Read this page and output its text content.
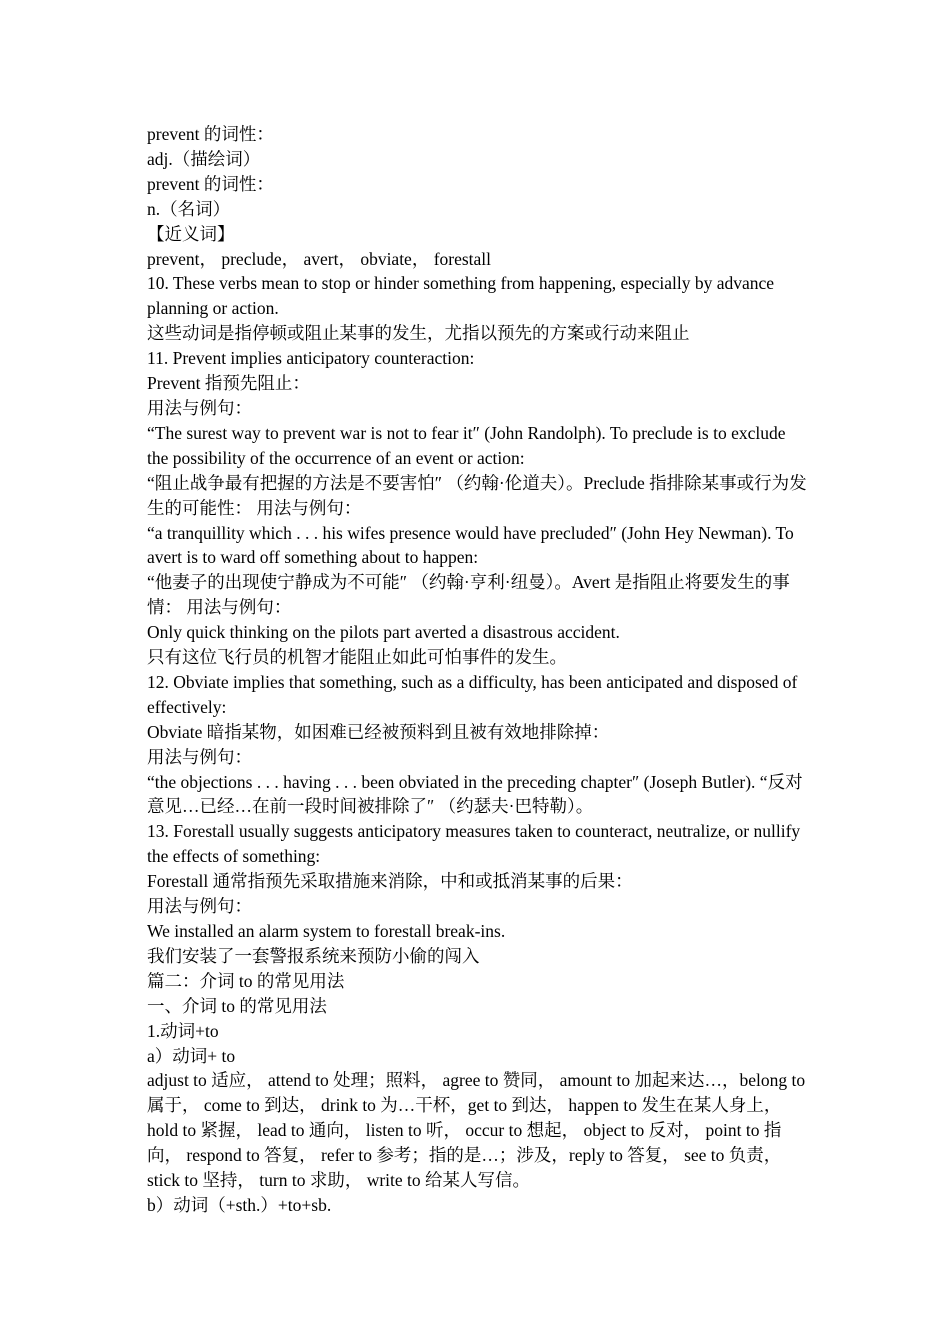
prevent 的词性：

adj.（描绘词）

prevent 的词性：

n.（名词）

【近义词】

prevent， preclude， avert， obviate， forestall

10. These verbs mean to stop or hinder something from happening, especially by advance planning or action.

这些动词是指停顿或阻止某事的发生，尤指以预先的方案或行动来阻止

11. Prevent implies anticipatory counteraction:

Prevent 指预先阻止：

用法与例句：

“The surest way to prevent war is not to fear it″ (John Randolph). To preclude is to exclude the possibility of the occurrence of an event or action:

“阻止战争最有把握的方法是不要害怕″ （约翰·伦道夫）。Preclude 指排除某事或行为发生的可能性： 用法与例句：

“a tranquillity which . . . his wifes presence would have precluded″ (John Hey Newman). To avert is to ward off something about to happen:

“他妻子的出现使宁静成为不可能″ （约翰·亨利·纽曼）。Avert 是指阻止将要发生的事情： 用法与例句：

Only quick thinking on the pilots part averted a disastrous accident.

只有这位飞行员的机智才能阻止如此可怕事件的发生。

12. Obviate implies that something, such as a difficulty, has been anticipated and disposed of effectively:

Obviate 暗指某物，如困难已经被预料到且被有效地排除掉：

用法与例句：

“the objections . . . having . . . been obviated in the preceding chapter″ (Joseph Butler). “反对意见…已经…在前一段时间被排除了″ （约瑟夫·巴特勒）。

13. Forestall usually suggests anticipatory measures taken to counteract, neutralize, or nullify the effects of something:

Forestall 通常指预先采取措施来消除，中和或抵消某事的后果：

用法与例句：

We installed an alarm system to forestall break-ins.

我们安装了一套警报系统来预防小偷的闯入

篇二：介词 to 的常见用法

一、介词 to 的常见用法

1.动词+to

a）动词+ to

adjust to 适应， attend to 处理；照料， agree to 赞同， amount to 加起来达…，belong to 属于， come to 到达， drink to 为…干杯，get to 到达， happen to 发生在某人身上， hold to 紧握， lead to 通向， listen to 听， occur to 想起， object to 反对， point to 指向， respond to 答复， refer to 参考；指的是…；涉及，reply to 答复， see to 负责， stick to 坚持， turn to 求助， write to 给某人写信。

b）动词（+sth.）+to+sb.
